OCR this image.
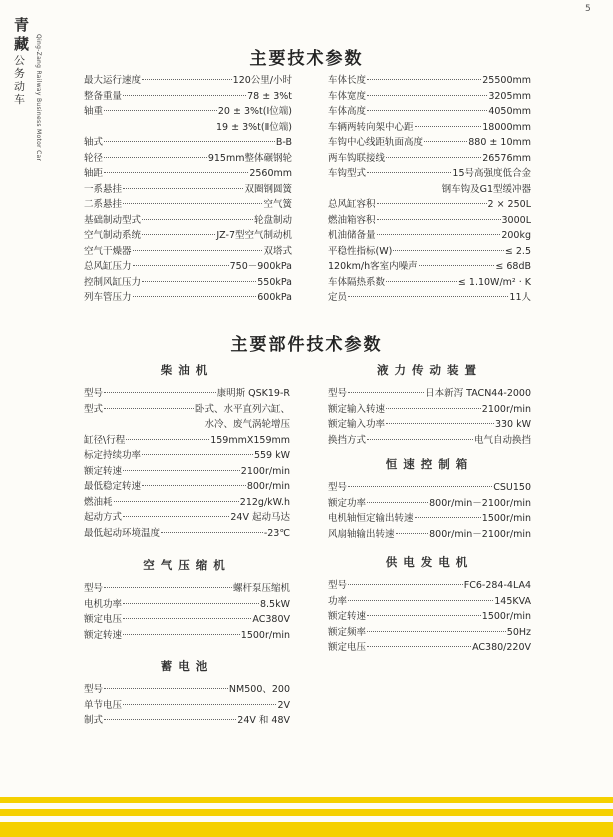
青藏
公务动车	Qing-Zang Railway Business Motor Car
5
主要技术参数
最大运行速度	120公里/小时
整备重量	78 ± 3%t
轴重	20 ± 3%t(Ⅰ位端)
19 ± 3%t(Ⅱ位端)
轴式	B-B
轮径	915mm整体碾钢轮
轴距	2560mm
一系悬挂	双圈钢圆簧
二系悬挂	空气簧
基础制动型式	轮盘制动
空气制动系统	JZ-7型空气制动机
空气干燥器	双塔式
总风缸压力	750－900kPa
控制风缸压力	550kPa
列车管压力	600kPa
车体长度	25500mm
车体宽度	3205mm
车体高度	4050mm
车辆两转向架中心距	18000mm
车钩中心线距轨面高度	880 ± 10mm
两车钩联接线	26576mm
车钩型式	15号高强度低合金
钢车钩及G1型缓冲器
总风缸容积	2 × 250L
燃油箱容积	3000L
机油储备量	200kg
平稳性指标(W)	≤ 2.5
120km/h客室内噪声	≤ 68dB
车体隔热系数	≤ 1.10W/m² · K
定员	11人
主要部件技术参数
柴油机
型号	康明斯 QSK19-R
型式	卧式、水平直列六缸、
水冷、废气涡轮增压
缸径\行程	159mmX159mm
标定持续功率	559 kW
额定转速	2100r/min
最低稳定转速	800r/min
燃油耗	212g/kW.h
起动方式	24V 起动马达
最低起动环境温度	-23℃
空气压缩机
型号	螺杆泵压缩机
电机功率	8.5kW
额定电压	AC380V
额定转速	1500r/min
蓄电池
型号	NM500、200
单节电压	2V
制式	24V 和 48V
液力传动装置
型号	日本新泻 TACN44-2000
额定输入转速	2100r/min
额定输入功率	330 kW
换挡方式	电气自动换挡
恒速控制箱
型号	CSU150
额定功率	800r/min－2100r/min
电机轴恒定输出转速	1500r/min
风扇轴输出转速	800r/min－2100r/min
供电发电机
型号	FC6-284-4LA4
功率	145KVA
额定转速	1500r/min
额定频率	50Hz
额定电压	AC380/220V
